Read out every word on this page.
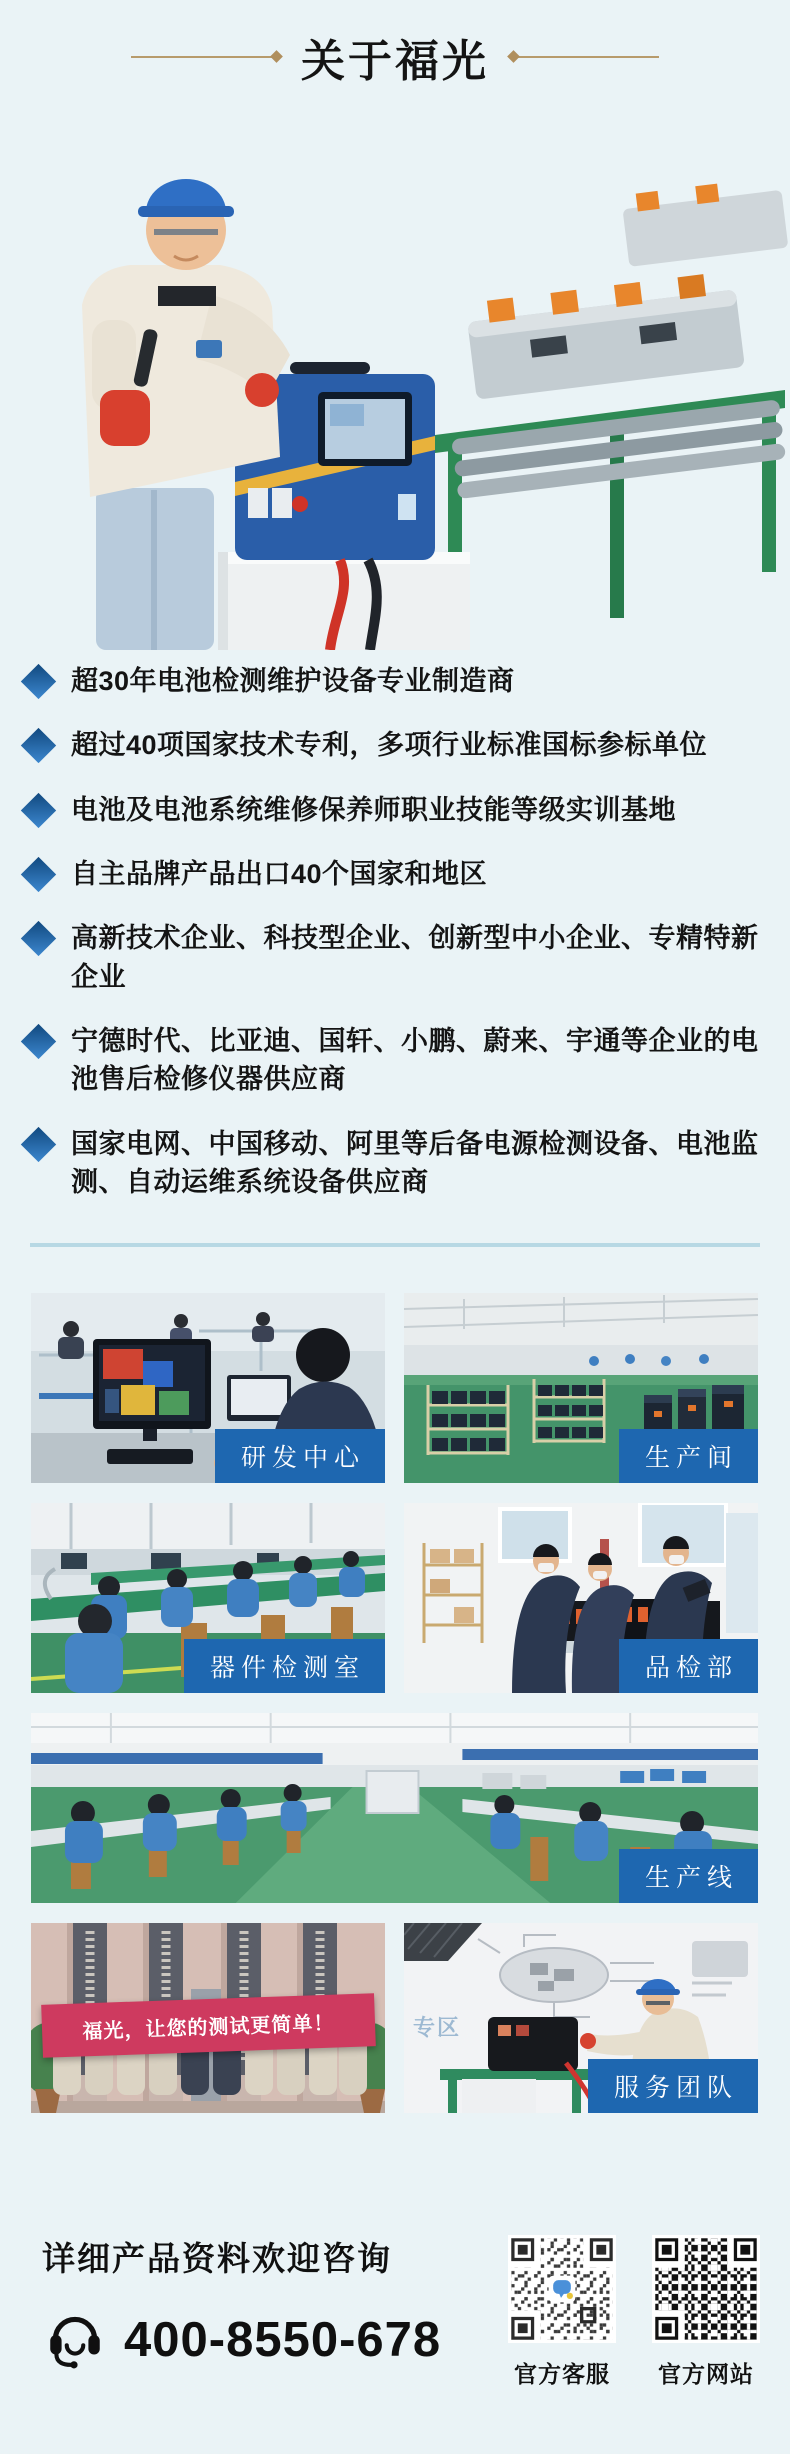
关于福光
超30年电池检测维护设备专业制造商
超过40项国家技术专利，多项行业标准国标参标单位
电池及电池系统维修保养师职业技能等级实训基地
自主品牌产品出口40个国家和地区
高新技术企业、科技型企业、创新型中小企业、专精特新企业
宁德时代、比亚迪、国轩、小鹏、蔚来、宇通等企业的电池售后检修仪器供应商
国家电网、中国移动、阿里等后备电源检测设备、电池监测、自动运维系统设备供应商
研发中心	生产间
器件检测室	品检部
生产线
福光，让您的测试更简单！	专区
服务团队
详细产品资料欢迎咨询
400-8550-678
官方客服 官方网站
